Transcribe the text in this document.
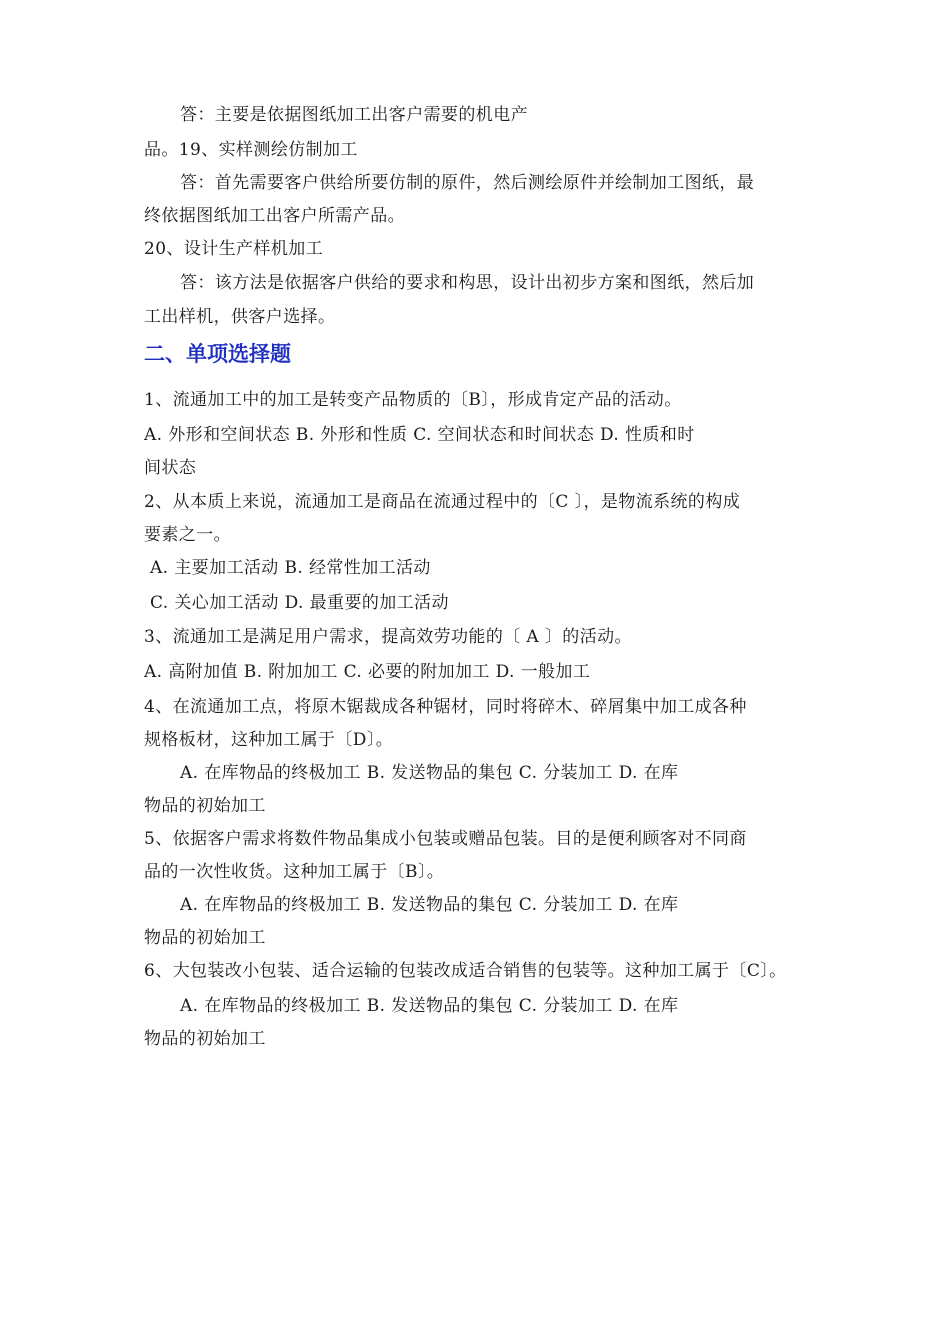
答：主要是依据图纸加工出客户需要的机电产
品。19、实样测绘仿制加工
答：首先需要客户供给所要仿制的原件，然后测绘原件并绘制加工图纸，最
终依据图纸加工出客户所需产品。
20、设计生产样机加工
答：该方法是依据客户供给的要求和构思，设计出初步方案和图纸，然后加
工出样机，供客户选择。
二、单项选择题
1、流通加工中的加工是转变产品物质的〔B〕，形成肯定产品的活动。
A. 外形和空间状态 B. 外形和性质 C. 空间状态和时间状态 D. 性质和时
间状态
2、从本质上来说，流通加工是商品在流通过程中的〔C 〕，是物流系统的构成
要素之一。
A. 主要加工活动 B. 经常性加工活动
C. 关心加工活动 D. 最重要的加工活动
3、流通加工是满足用户需求，提高效劳功能的〔 A 〕的活动。
A. 高附加值 B. 附加加工 C. 必要的附加加工 D. 一般加工
4、在流通加工点，将原木锯裁成各种锯材，同时将碎木、碎屑集中加工成各种
规格板材，这种加工属于〔D〕。
A. 在库物品的终极加工 B. 发送物品的集包 C. 分装加工 D. 在库
物品的初始加工
5、依据客户需求将数件物品集成小包装或赠品包装。目的是便利顾客对不同商
品的一次性收货。这种加工属于〔B〕。
A. 在库物品的终极加工 B. 发送物品的集包 C. 分装加工 D. 在库
物品的初始加工
6、大包装改小包装、适合运输的包装改成适合销售的包装等。这种加工属于〔C〕。
A. 在库物品的终极加工 B. 发送物品的集包 C. 分装加工 D. 在库
物品的初始加工
